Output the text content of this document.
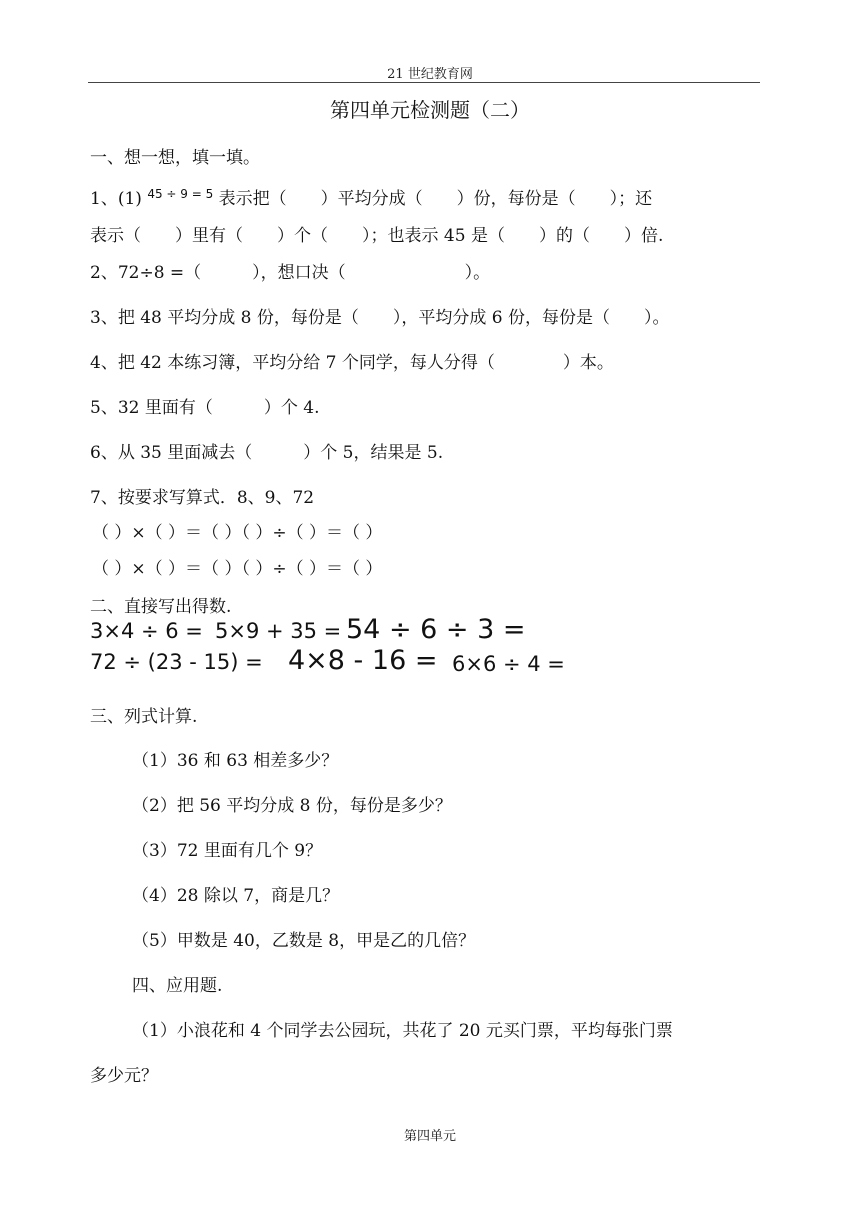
21 世纪教育网
第四单元检测题（二）
一、想一想，填一填。
1、(1) $^{45 \div 9 = 5}$ 表示把（　　）平均分成（　　）份，每份是（　　）；还
表示（　　）里有（　　）个（　　）；也表示 45 是（　　）的（　　）倍.
2、72÷8 =（　　　），想口决（　　　　　　　）。
3、把 48 平均分成 8 份，每份是（　　），平均分成 6 份，每份是（　　）。
4、把 42 本练习簿，平均分给 7 个同学，每人分得（　　　　）本。
5、32 里面有（　　　）个 4.
6、从 35 里面减去（　　　）个 5，结果是 5.
7、按要求写算式．8、9、72
（ ）×（ ）＝（ ）（ ）÷（ ）＝（ ）
（ ）×（ ）＝（ ）（ ）÷（ ）＝（ ）
二、直接写出得数.
3×4 ÷ 6 = 5×9 + 35 = 54 ÷ 6 ÷ 3 =
72 ÷ (23 - 15) = 4×8 - 16 = 6×6 ÷ 4 =
三、列式计算.
（1）36 和 63 相差多少？
（2）把 56 平均分成 8 份，每份是多少？
（3）72 里面有几个 9？
（4）28 除以 7，商是几？
（5）甲数是 40，乙数是 8，甲是乙的几倍？
四、应用题.
（1）小浪花和 4 个同学去公园玩，共花了 20 元买门票，平均每张门票
多少元？
第四单元
